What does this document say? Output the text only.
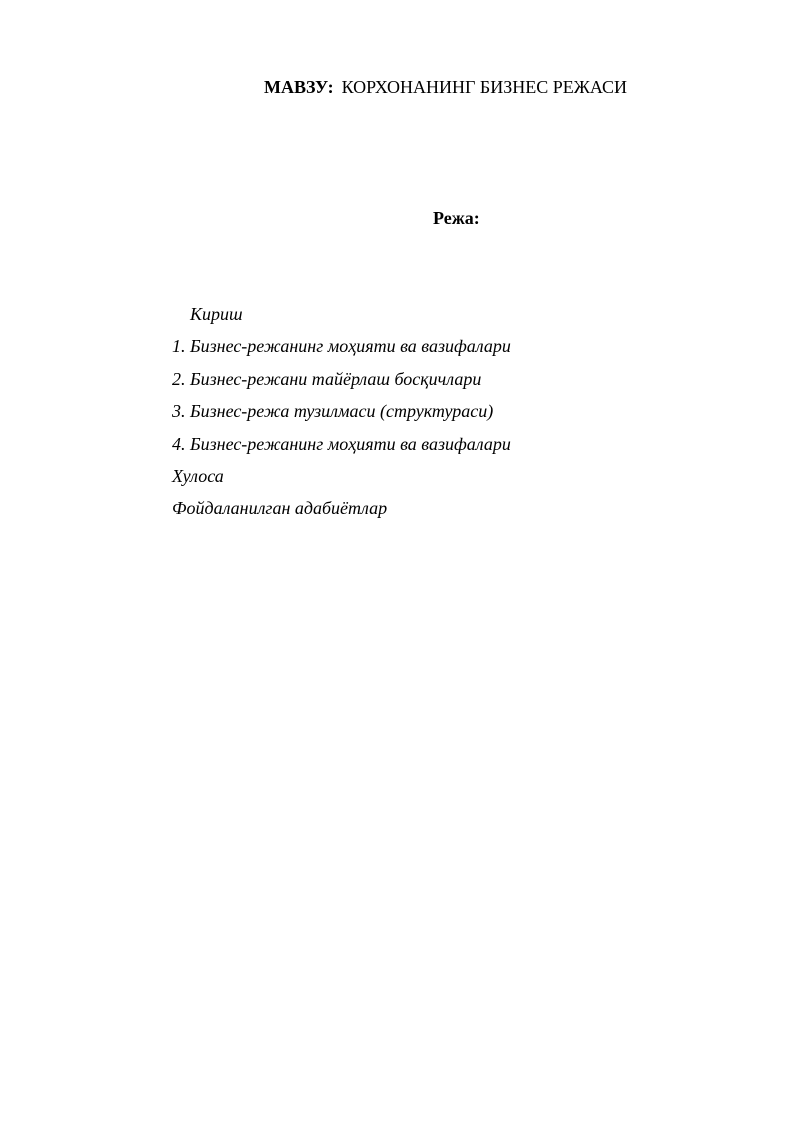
МАВЗУ: КОРХОНАНИНГ БИЗНЕС РЕЖАСИ
Режа:
Кириш
1. Бизнес-режанинг моҳияти ва вазифалари
2. Бизнес-режани тайёрлаш босқичлари
3. Бизнес-режа тузилмаси (структураси)
4. Бизнес-режанинг моҳияти ва вазифалари
Хулоса
Фойдаланилган адабиётлар
